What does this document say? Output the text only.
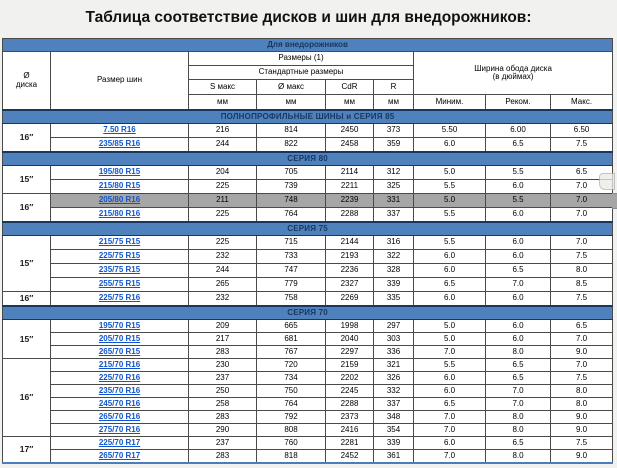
Таблица соответствие дисков и шин для внедорожников:
Для внедорожников								

Ø
диска	Размер шин	Размеры (1)				Ширина обода диска
(в дюймах)		

		Стандартные размеры						
		S макс	Ø макс	CdR	R			
		мм	мм	мм	мм	Миним.	Реком.	Макс.
ПОЛНОПРОФИЛЬНЫЕ ШИНЫ и СЕРИЯ 85								
16″	7.50 R16	216	814	2450	373	5.50	6.00	6.50
	235/85 R16	244	822	2458	359	6.0	6.5	7.5
СЕРИЯ 80								
15″	195/80 R15	204	705	2114	312	5.0	5.5	6.5
	215/80 R15	225	739	2211	325	5.5	6.0	7.0
16″	205/80 R16	211	748	2239	331	5.0	5.5	7.0
	215/80 R16	225	764	2288	337	5.5	6.0	7.0
СЕРИЯ 75								
15″	215/75 R15	225	715	2144	316	5.5	6.0	7.0
	225/75 R15	232	733	2193	322	6.0	6.0	7.5
	235/75 R15	244	747	2236	328	6.0	6.5	8.0
	255/75 R15	265	779	2327	339	6.5	7.0	8.5
16″	225/75 R16	232	758	2269	335	6.0	6.0	7.5
СЕРИЯ 70								
15″	195/70 R15	209	665	1998	297	5.0	6.0	6.5
	205/70 R15	217	681	2040	303	5.0	6.0	7.0
	265/70 R15	283	767	2297	336	7.0	8.0	9.0
16″	215/70 R16	230	720	2159	321	5.5	6.5	7.0
	225/70 R16	237	734	2202	326	6.0	6.5	7.5
	235/70 R16	250	750	2245	332	6.0	7.0	8.0
	245/70 R16	258	764	2288	337	6.5	7.0	8.0
	265/70 R16	283	792	2373	348	7.0	8.0	9.0
	275/70 R16	290	808	2416	354	7.0	8.0	9.0
17″	225/70 R17	237	760	2281	339	6.0	6.5	7.5
	265/70 R17	283	818	2452	361	7.0	8.0	9.0
